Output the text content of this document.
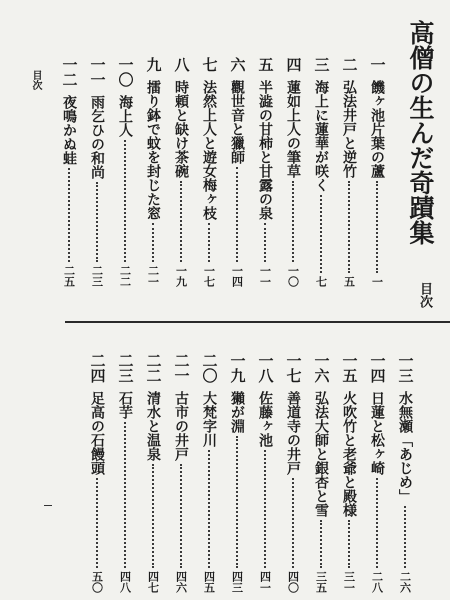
高僧の生んだ奇蹟集
目次
目次
一
饑ヶ池片葉の蘆
一
二
弘法井戸と逆竹
五
三
海上に蓮華が咲く
七
四
蓮如上人の筆草
一〇
五
半澁の甘柿と甘露の泉
一一
六
觀世音と獵師
一四
七
法然上人と遊女梅ヶ枝
一七
八
時頼と缺け茶碗
一九
九
擂り鉢で蚊を封じた窓
二一
一〇
海上人
二二
一一
雨乞ひの和尚
二三
一二
夜鳴かぬ蛙
二五
一三
水無瀬「あじめ」
二六
一四
日蓮と松ヶ崎
二八
一五
火吹竹と老爺と殿様
三一
一六
弘法大師と銀杏と雪
三五
一七
善道寺の井戸
四〇
一八
佐藤ヶ池
四一
一九
獺が淵
四三
二〇
大梵字川
四五
二一
古市の井戸
四六
二二
清水と温泉
四七
二三
石芋
四八
二四
足高の石饅頭
五〇
